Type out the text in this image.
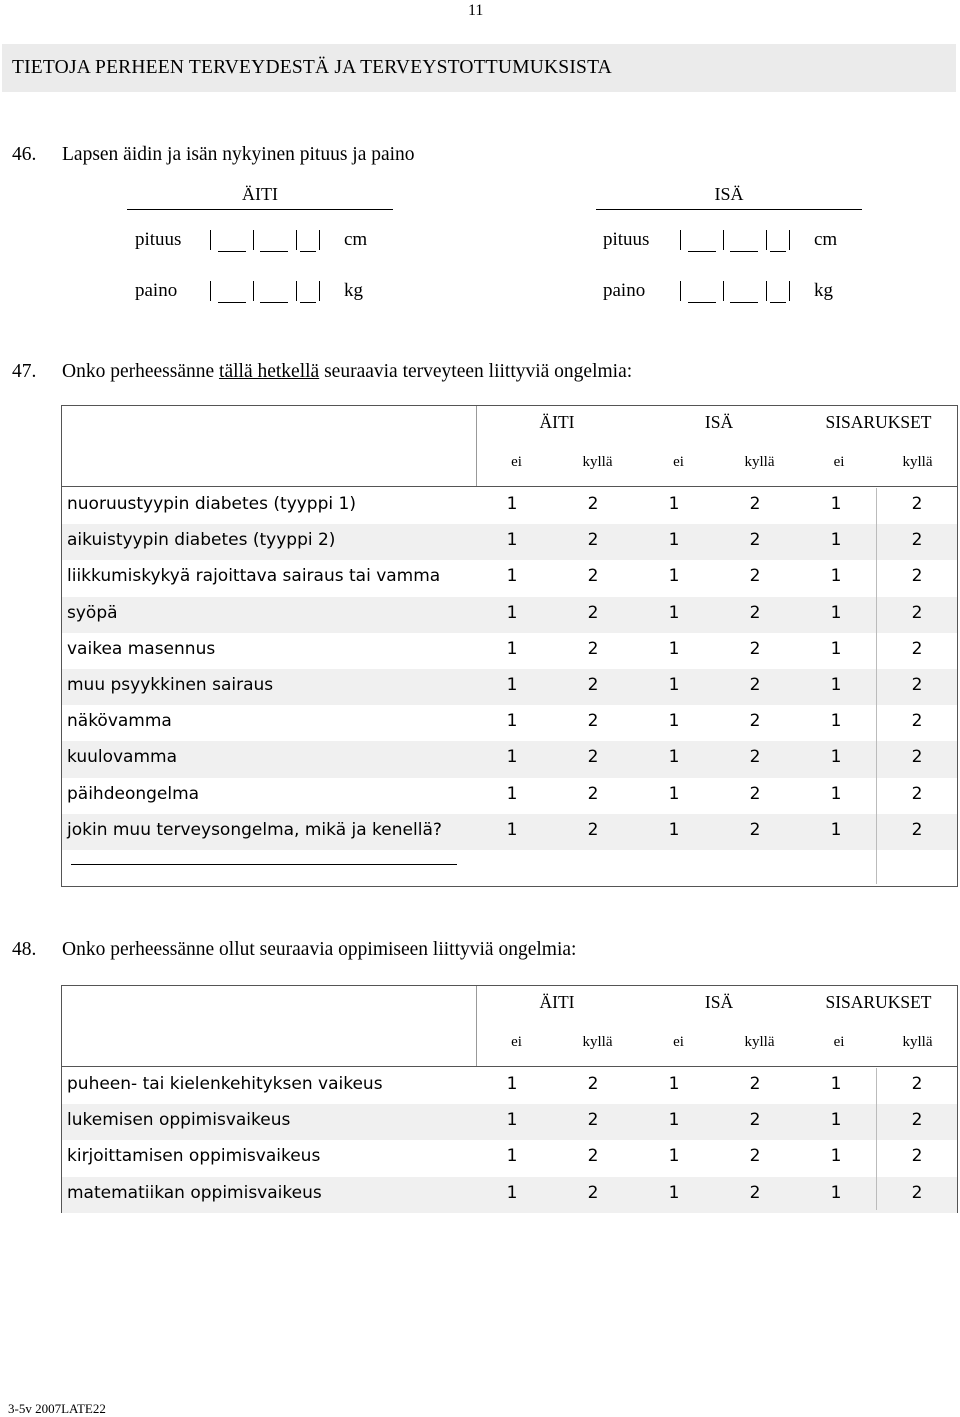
11
TIETOJA PERHEEN TERVEYDESTÄ JA TERVEYSTOTTUMUKSISTA
46. Lapsen äidin ja isän nykyinen pituus ja paino
ÄITI	ISÄ
pituus	cm
paino	kg
pituus	cm
paino	kg
47. Onko perheessänne tällä hetkellä seuraavia terveyteen liittyviä ongelmia:
ÄITI	ISÄ	SISARUKSET
ei	kyllä	ei	kyllä	ei	kyllä
nuoruustyypin diabetes (tyyppi 1)	1	2	1	2	1	2
aikuistyypin diabetes (tyyppi 2)	1	2	1	2	1	2
liikkumiskykyä rajoittava sairaus tai vamma	1	2	1	2	1	2
syöpä	1	2	1	2	1	2
vaikea masennus	1	2	1	2	1	2
muu psyykkinen sairaus	1	2	1	2	1	2
näkövamma	1	2	1	2	1	2
kuulovamma	1	2	1	2	1	2
päihdeongelma	1	2	1	2	1	2
jokin muu terveysongelma, mikä ja kenellä?	1	2	1	2	1	2
48. Onko perheessänne ollut seuraavia oppimiseen liittyviä ongelmia:
ÄITI	ISÄ	SISARUKSET
ei	kyllä	ei	kyllä	ei	kyllä
puheen- tai kielenkehityksen vaikeus	1	2	1	2	1	2
lukemisen oppimisvaikeus	1	2	1	2	1	2
kirjoittamisen oppimisvaikeus	1	2	1	2	1	2
matematiikan oppimisvaikeus	1	2	1	2	1	2
3-5v 2007LATE22
